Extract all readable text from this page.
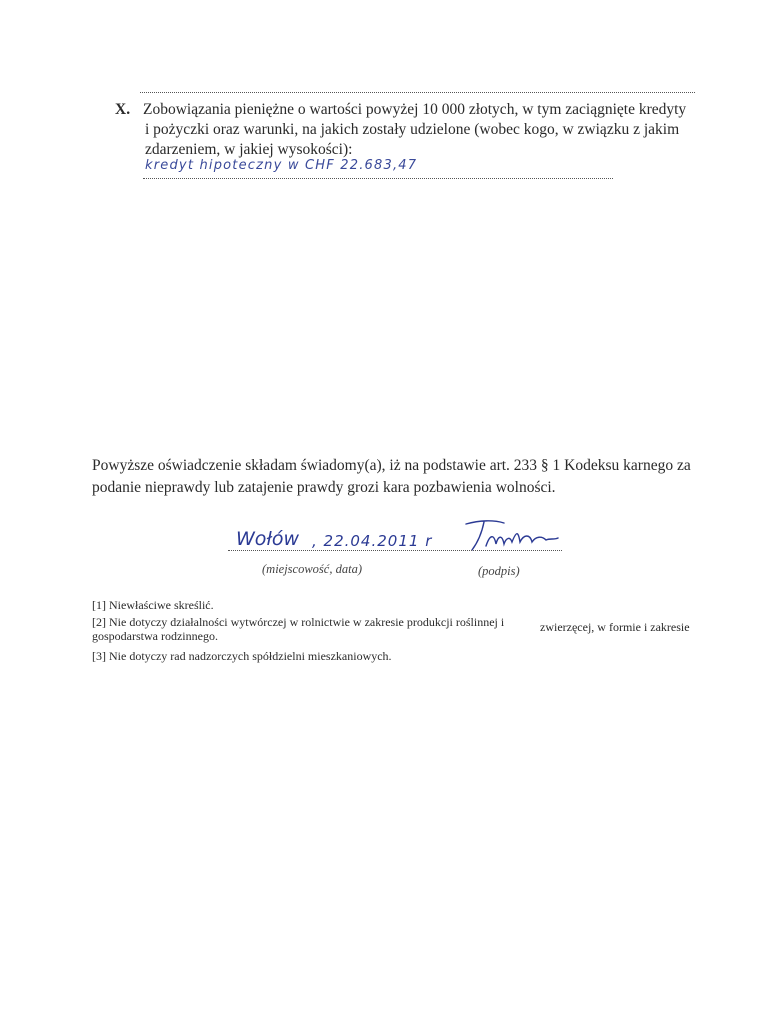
X. Zobowiązania pieniężne o wartości powyżej 10 000 złotych, w tym zaciągnięte kredyty
i pożyczki oraz warunki, na jakich zostały udzielone (wobec kogo, w związku z jakim
zdarzeniem, w jakiej wysokości):
kredyt hipoteczny w CHF 22.683,47
Powyższe oświadczenie składam świadomy(a), iż na podstawie art. 233 § 1 Kodeksu karnego za
podanie nieprawdy lub zatajenie prawdy grozi kara pozbawienia wolności.
Wołów , 22.04.2011 r
(miejscowość, data)	(podpis)
[1] Niewłaściwe skreślić.
[2] Nie dotyczy działalności wytwórczej w rolnictwie w zakresie produkcji roślinnej i	zwierzęcej, w formie i zakresie
gospodarstwa rodzinnego.
[3] Nie dotyczy rad nadzorczych spółdzielni mieszkaniowych.
